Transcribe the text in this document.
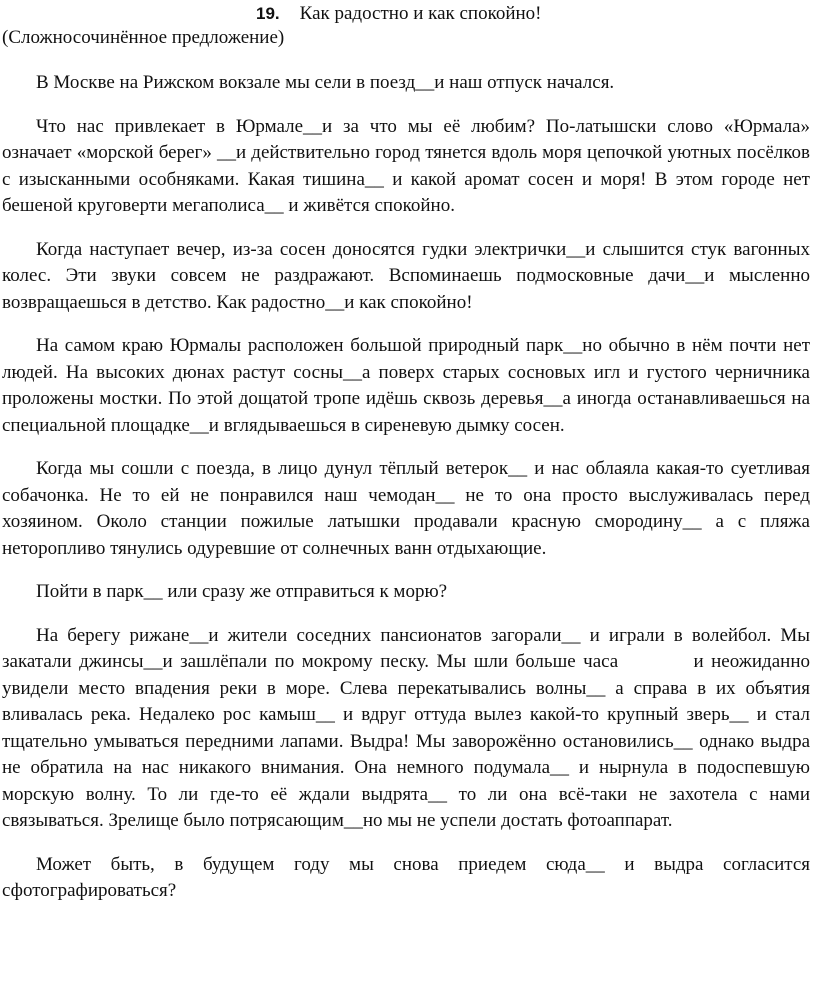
19. Как радостно и как спокойно!
(Сложносочинённое предложение)

В Москве на Рижском вокзале мы сели в поезд__и наш отпуск начался.

Что нас привлекает в Юрмале__и за что мы её любим? По-латышски слово «Юрмала» означает «морской берег» __и действительно город тянется вдоль моря цепочкой уютных посёлков с изысканными особняками. Какая тишина__ и какой аромат сосен и моря! В этом городе нет бешеной круговерти мегаполиса__ и живётся спокойно.

Когда наступает вечер, из-за сосен доносятся гудки электрички__и слышится стук вагонных колес. Эти звуки совсем не раздражают. Вспоминаешь подмосковные дачи__и мысленно возвращаешься в детство. Как радостно__и как спокойно!

На самом краю Юрмалы расположен большой природный парк__но обычно в нём почти нет людей. На высоких дюнах растут сосны__а поверх старых сосновых игл и густого черничника проложены мостки. По этой дощатой тропе идёшь сквозь деревья__а иногда останавливаешься на специальной площадке__и вглядываешься в сиреневую дымку сосен.

Когда мы сошли с поезда, в лицо дунул тёплый ветерок__ и нас облаяла какая-то суетливая собачонка. Не то ей не понравился наш чемодан__ не то она просто выслуживалась перед хозяином. Около станции пожилые латышки продавали красную смородину__ а с пляжа неторопливо тянулись одуревшие от солнечных ванн отдыхающие.

Пойти в парк__ или сразу же отправиться к морю?

На берегу рижане__и жители соседних пансионатов загорали__ и играли в волейбол. Мы закатали джинсы__и зашлёпали по мокрому песку. Мы шли больше часа          и неожиданно увидели место впадения реки в море. Слева перекатывались волны__ а справа в их объятия вливалась река. Недалеко рос камыш__ и вдруг оттуда вылез какой-то крупный зверь__ и стал тщательно умываться передними лапами. Выдра! Мы заворожённо остановились__ однако выдра не обратила на нас никакого внимания. Она немного подумала__ и нырнула в подоспевшую морскую волну. То ли где-то её ждали выдрята__ то ли она всё-таки не захотела с нами связываться. Зрелище было потрясающим__но мы не успели достать фотоаппарат.

Может быть, в будущем году мы снова приедем сюда__ и выдра согласится сфотографироваться?
